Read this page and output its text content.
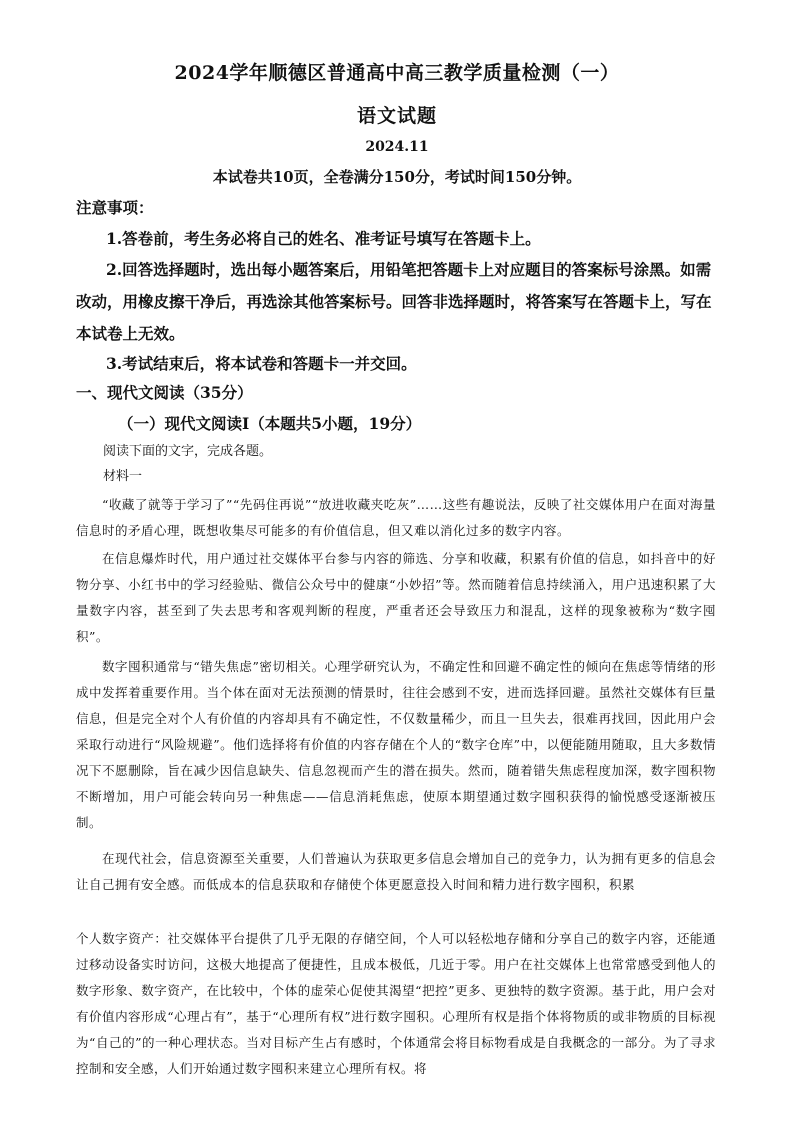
2024学年顺德区普通高中高三教学质量检测（一）
语文试题
2024.11
本试卷共10页，全卷满分150分，考试时间150分钟。
注意事项：
1.答卷前，考生务必将自己的姓名、准考证号填写在答题卡上。
2.回答选择题时，选出每小题答案后，用铅笔把答题卡上对应题目的答案标号涂黑。如需改动，用橡皮擦干净后，再选涂其他答案标号。回答非选择题时，将答案写在答题卡上，写在本试卷上无效。
3.考试结束后，将本试卷和答题卡一并交回。
一、现代文阅读（35分）
（一）现代文阅读Ⅰ（本题共5小题，19分）
阅读下面的文字，完成各题。
材料一
“收藏了就等于学习了”“先码住再说”“放进收藏夹吃灰”……这些有趣说法，反映了社交媒体用户在面对海量信息时的矛盾心理，既想收集尽可能多的有价值信息，但又难以消化过多的数字内容。
在信息爆炸时代，用户通过社交媒体平台参与内容的筛选、分享和收藏，积累有价值的信息，如抖音中的好物分享、小红书中的学习经验贴、微信公众号中的健康“小妙招”等。然而随着信息持续涌入，用户迅速积累了大量数字内容，甚至到了失去思考和客观判断的程度，严重者还会导致压力和混乱，这样的现象被称为“数字囤积”。
数字囤积通常与“错失焦虑”密切相关。心理学研究认为，不确定性和回避不确定性的倾向在焦虑等情绪的形成中发挥着重要作用。当个体在面对无法预测的情景时，往往会感到不安，进而选择回避。虽然社交媒体有巨量信息，但是完全对个人有价值的内容却具有不确定性，不仅数量稀少，而且一旦失去，很难再找回，因此用户会采取行动进行“风险规避”。他们选择将有价值的内容存储在个人的“数字仓库”中，以便能随用随取，且大多数情况下不愿删除，旨在减少因信息缺失、信息忽视而产生的潜在损失。然而，随着错失焦虑程度加深，数字囤积物不断增加，用户可能会转向另一种焦虑——信息消耗焦虑，使原本期望通过数字囤积获得的愉悦感受逐渐被压制。
在现代社会，信息资源至关重要，人们普遍认为获取更多信息会增加自己的竞争力，认为拥有更多的信息会让自己拥有安全感。而低成本的信息获取和存储使个体更愿意投入时间和精力进行数字囤积，积累
个人数字资产：社交媒体平台提供了几乎无限的存储空间，个人可以轻松地存储和分享自己的数字内容，还能通过移动设备实时访问，这极大地提高了便捷性，且成本极低，几近于零。用户在社交媒体上也常常感受到他人的数字形象、数字资产，在比较中，个体的虚荣心促使其渴望“把控”更多、更独特的数字资源。基于此，用户会对有价值内容形成“心理占有”，基于“心理所有权”进行数字囤积。心理所有权是指个体将物质的或非物质的目标视为“自己的”的一种心理状态。当对目标产生占有感时，个体通常会将目标物看成是自我概念的一部分。为了寻求控制和安全感，人们开始通过数字囤积来建立心理所有权。将
